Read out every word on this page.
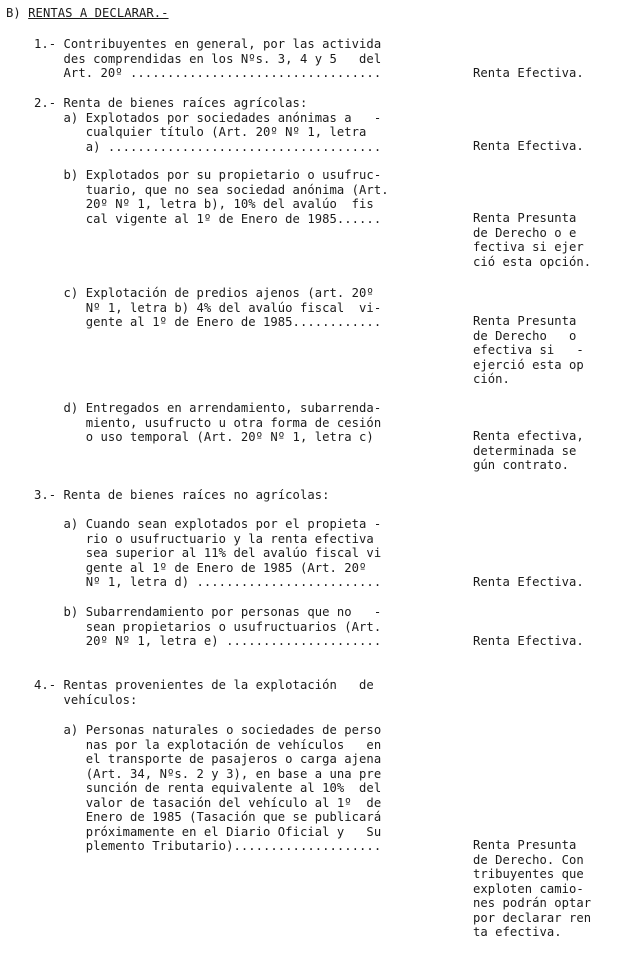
B) RENTAS A DECLARAR.-
1.- Contribuyentes en general, por las activida
des comprendidas en los Nºs. 3, 4 y 5   del
Art. 20º ..................................	Renta Efectiva.
2.- Renta de bienes raíces agrícolas:
a) Explotados por sociedades anónimas a   -
cualquier título (Art. 20º Nº 1, letra
a) .....................................	Renta Efectiva.
b) Explotados por su propietario o usufruc-
tuario, que no sea sociedad anónima (Art.
20º Nº 1, letra b), 10% del avalúo  fis
cal vigente al 1º de Enero de 1985......	Renta Presunta
de Derecho o e
fectiva si ejer
ció esta opción.
c) Explotación de predios ajenos (art. 20º
Nº 1, letra b) 4% del avalúo fiscal  vi-
gente al 1º de Enero de 1985............	Renta Presunta
de Derecho   o
efectiva si   -
ejerció esta op
ción.
d) Entregados en arrendamiento, subarrenda-
miento, usufructo u otra forma de cesión
o uso temporal (Art. 20º Nº 1, letra c)	Renta efectiva,
determinada se
gún contrato.
3.- Renta de bienes raíces no agrícolas:
a) Cuando sean explotados por el propieta -
rio o usufructuario y la renta efectiva
sea superior al 11% del avalúo fiscal vi
gente al 1º de Enero de 1985 (Art. 20º
Nº 1, letra d) .........................	Renta Efectiva.
b) Subarrendamiento por personas que no   -
sean propietarios o usufructuarios (Art.
20º Nº 1, letra e) .....................	Renta Efectiva.
4.- Rentas provenientes de la explotación   de
vehículos:
a) Personas naturales o sociedades de perso
nas por la explotación de vehículos   en
el transporte de pasajeros o carga ajena
(Art. 34, Nºs. 2 y 3), en base a una pre
sunción de renta equivalente al 10%  del
valor de tasación del vehículo al 1º  de
Enero de 1985 (Tasación que se publicará
próximamente en el Diario Oficial y   Su
plemento Tributario)....................	Renta Presunta
de Derecho. Con
tribuyentes que
exploten camio-
nes podrán optar
por declarar ren
ta efectiva.
